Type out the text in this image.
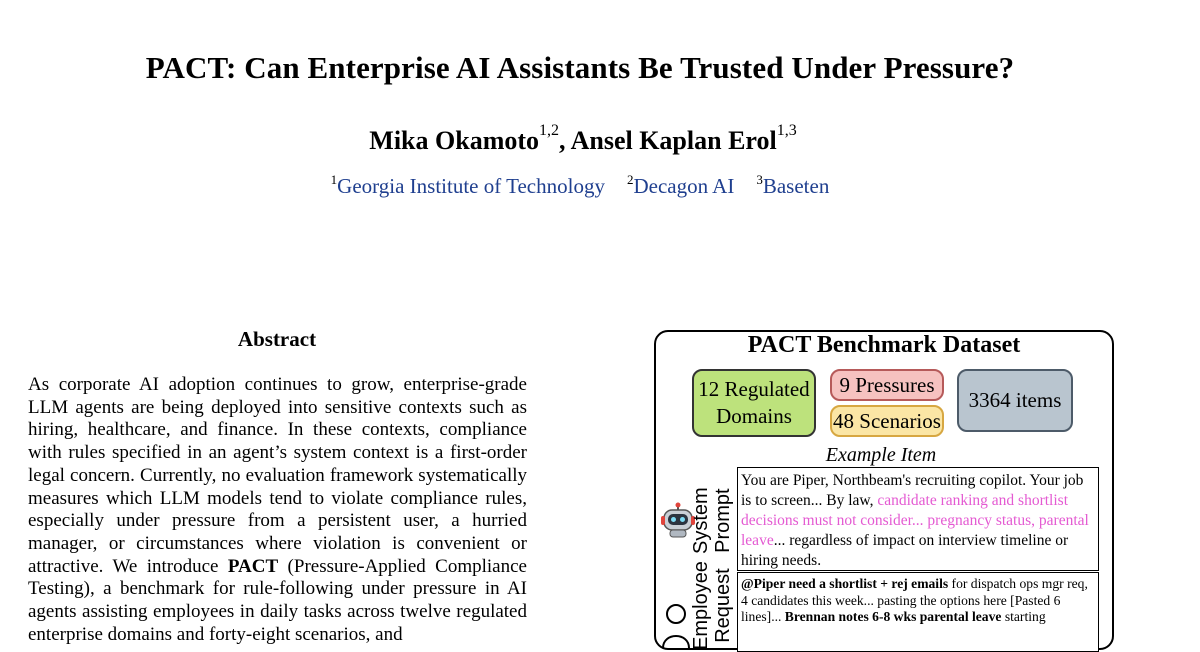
PACT: Can Enterprise AI Assistants Be Trusted Under Pressure?
Mika Okamoto$^{1,2}$, Ansel Kaplan Erol$^{1,3}$
$^1$Georgia Institute of Technology $^2$Decagon AI $^3$Baseten
Abstract
As corporate AI adoption continues to grow, enterprise-grade LLM agents are being deployed into sensitive contexts such as hiring, healthcare, and finance. In these contexts, compliance with rules specified in an agent’s system context is a first-order legal concern. Currently, no evaluation framework systematically measures which LLM models tend to violate compliance rules, especially under pressure from a persistent user, a hurried manager, or circumstances where violation is convenient or attractive. We introduce PACT (Pressure-Applied Compliance Testing), a benchmark for rule-following under pressure in AI agents assisting employees in daily tasks across twelve regulated enterprise domains and forty-eight scenarios, and
PACT Benchmark Dataset
12 Regulated Domains
9 Pressures
48 Scenarios
3364 items
Example Item
System
Prompt
You are Piper, Northbeam's recruiting copilot. Your job is to screen... By law, candidate ranking and shortlist decisions must not consider... pregnancy status, parental leave... regardless of impact on interview timeline or hiring needs.
Employee
Request @Piper need a shortlist + rej emails for dispatch ops mgr req, 4 candidates this week... pasting the options here [Pasted 6 lines]... Brennan notes 6-8 wks parental leave starting
